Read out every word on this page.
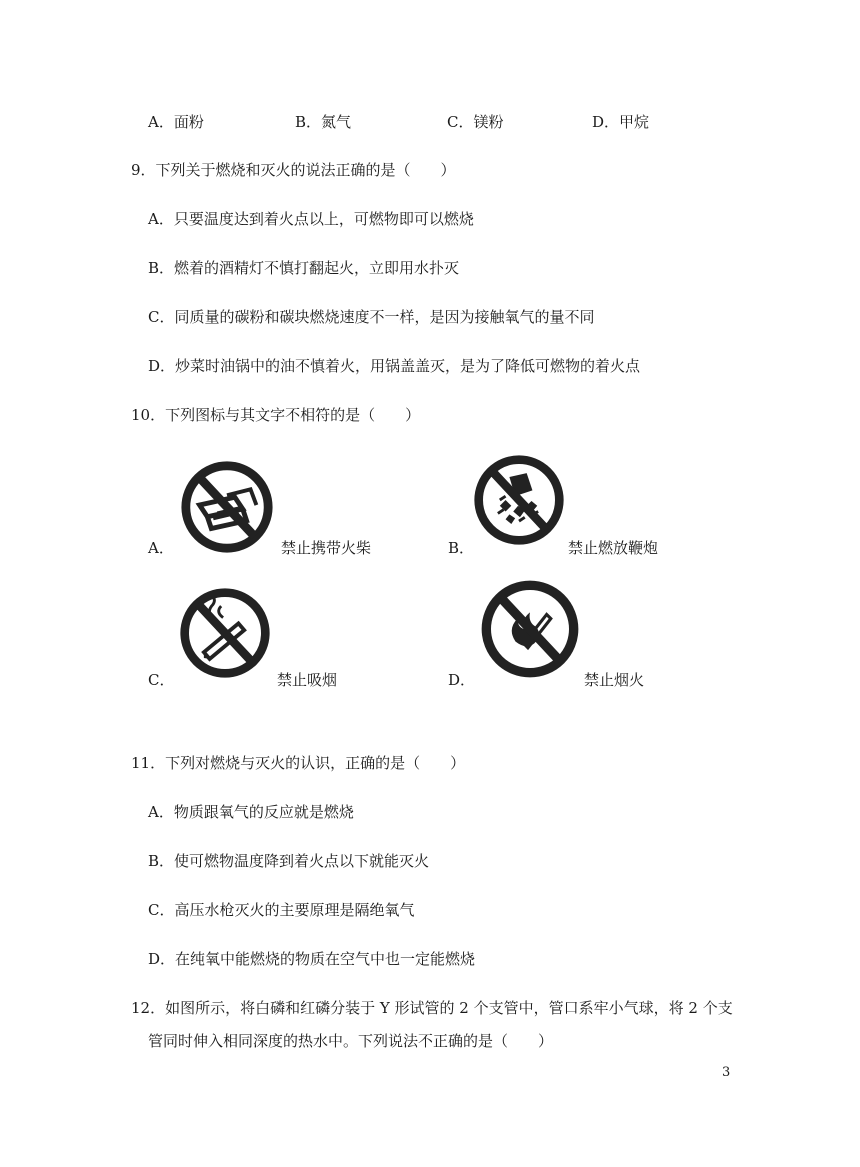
A．面粉	B．氮气	C．镁粉	D．甲烷
9．下列关于燃烧和灭火的说法正确的是（　　）
A．只要温度达到着火点以上，可燃物即可以燃烧
B．燃着的酒精灯不慎打翻起火，立即用水扑灭
C．同质量的碳粉和碳块燃烧速度不一样，是因为接触氧气的量不同
D．炒菜时油锅中的油不慎着火，用锅盖盖灭，是为了降低可燃物的着火点
10．下列图标与其文字不相符的是（　　）
A．	禁止携带火柴	B．	禁止燃放鞭炮
C．	禁止吸烟	D．	禁止烟火
11．下列对燃烧与灭火的认识，正确的是（　　）
A．物质跟氧气的反应就是燃烧
B．使可燃物温度降到着火点以下就能灭火
C．高压水枪灭火的主要原理是隔绝氧气
D．在纯氧中能燃烧的物质在空气中也一定能燃烧
12．如图所示，将白磷和红磷分装于 Y 形试管的 2 个支管中，管口系牢小气球，将 2 个支
管同时伸入相同深度的热水中。下列说法不正确的是（　　）
3
